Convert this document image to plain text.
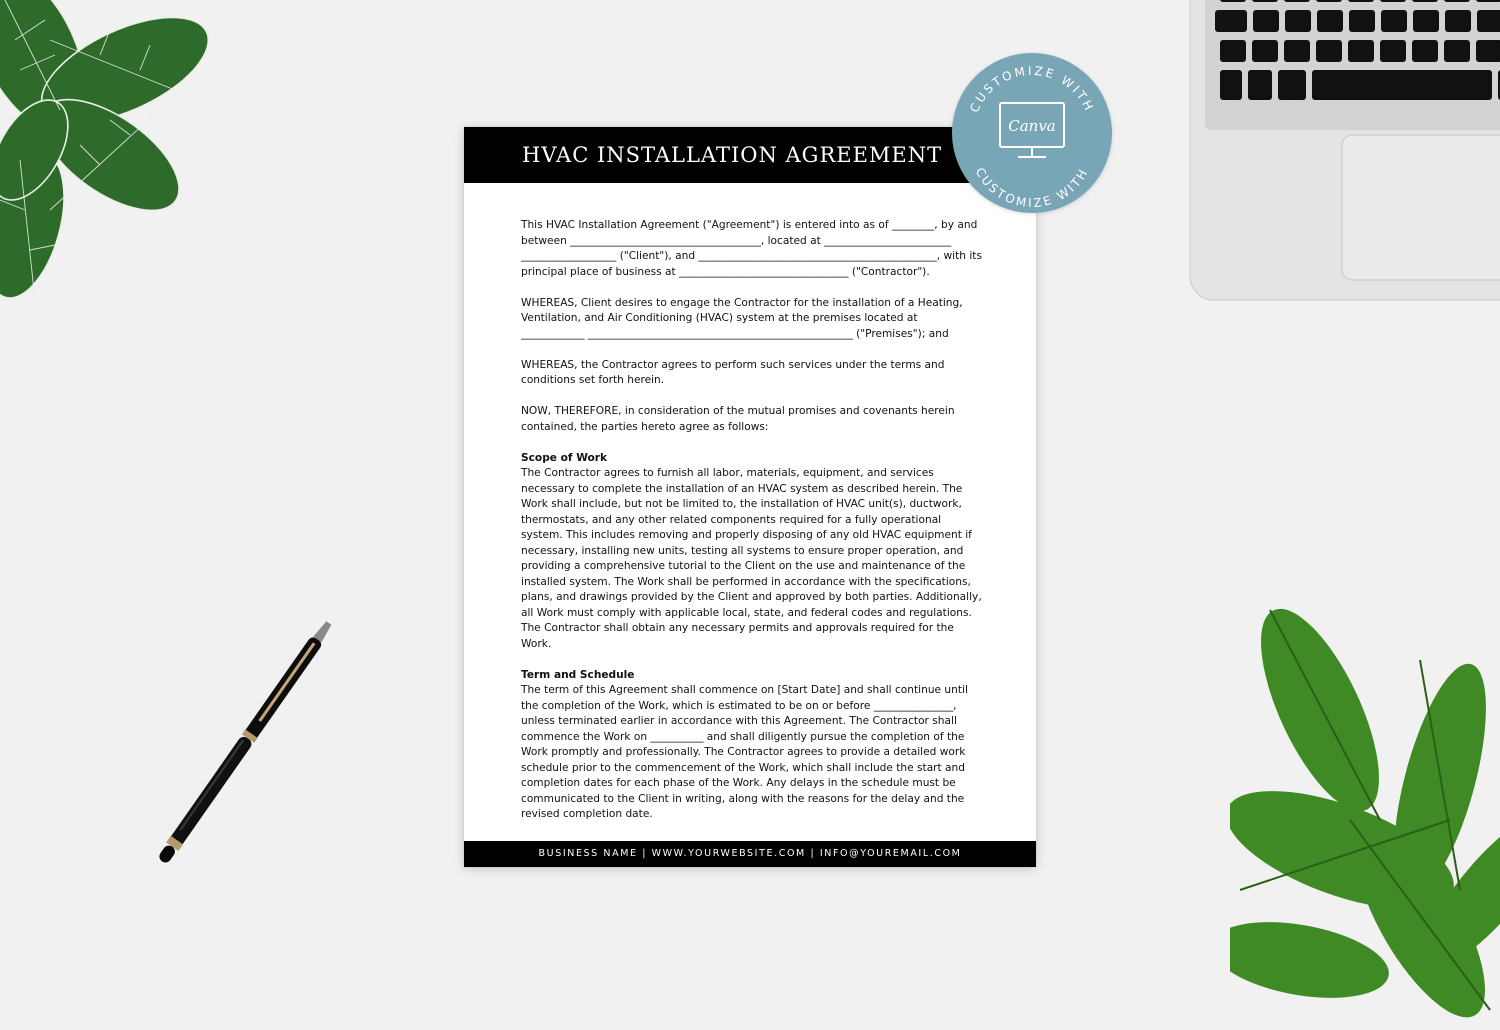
HVAC INSTALLATION AGREEMENT

This HVAC Installation Agreement ("Agreement") is entered into as of ________, by and between ____________________________________, located at ________________________ __________________ ("Client"), and _____________________________________________, with its principal place of business at ________________________________ ("Contractor").

WHEREAS, Client desires to engage the Contractor for the installation of a Heating, Ventilation, and Air Conditioning (HVAC) system at the premises located at ____________ __________________________________________________ ("Premises"); and

WHEREAS, the Contractor agrees to perform such services under the terms and conditions set forth herein.

NOW, THEREFORE, in consideration of the mutual promises and covenants herein contained, the parties hereto agree as follows:

Scope of Work

The Contractor agrees to furnish all labor, materials, equipment, and services necessary to complete the installation of an HVAC system as described herein. The Work shall include, but not be limited to, the installation of HVAC unit(s), ductwork, thermostats, and any other related components required for a fully operational system. This includes removing and properly disposing of any old HVAC equipment if necessary, installing new units, testing all systems to ensure proper operation, and providing a comprehensive tutorial to the Client on the use and maintenance of the installed system. The Work shall be performed in accordance with the specifications, plans, and drawings provided by the Client and approved by both parties. Additionally, all Work must comply with applicable local, state, and federal codes and regulations. The Contractor shall obtain any necessary permits and approvals required for the Work.

Term and Schedule

The term of this Agreement shall commence on [Start Date] and shall continue until the completion of the Work, which is estimated to be on or before _______________, unless terminated earlier in accordance with this Agreement. The Contractor shall commence the Work on __________ and shall diligently pursue the completion of the Work promptly and professionally. The Contractor agrees to provide a detailed work schedule prior to the commencement of the Work, which shall include the start and completion dates for each phase of the Work. Any delays in the schedule must be communicated to the Client in writing, along with the reasons for the delay and the revised completion date.

BUSINESS NAME | WWW.YOURWEBSITE.COM | INFO@YOUREMAIL.COM
CUSTOMIZE WITH
CUSTOMIZE WITH
Canva
